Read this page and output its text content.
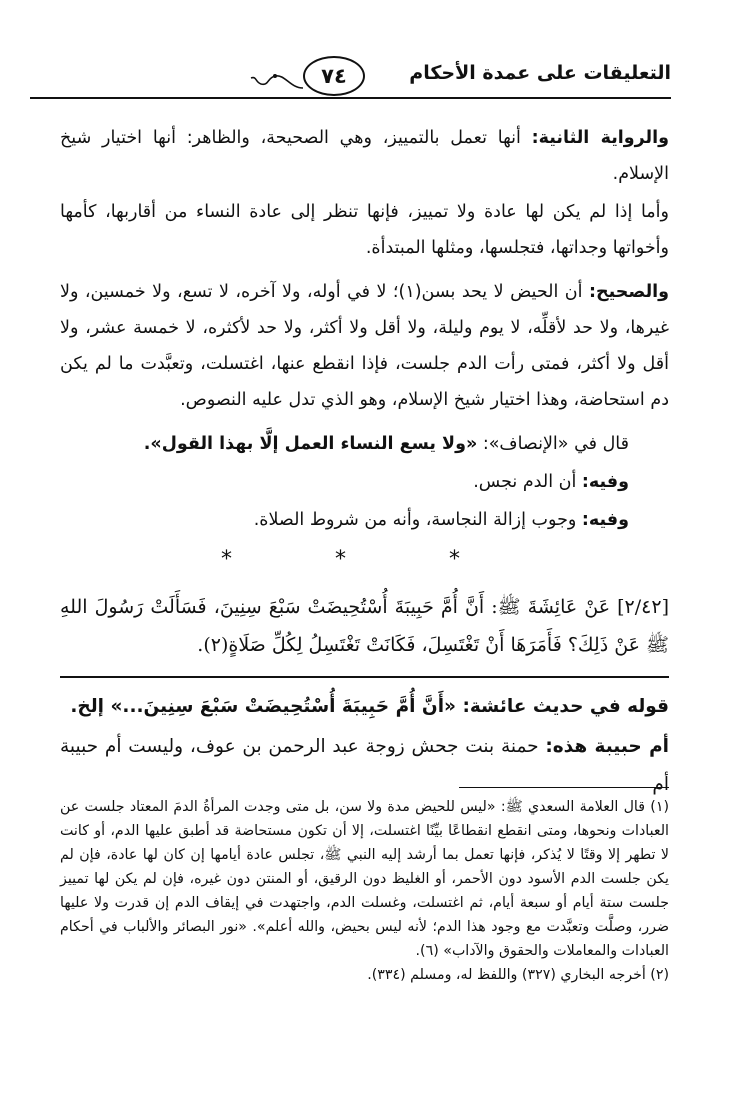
التعليقات على عمدة الأحكام
٧٤

والرواية الثانية: أنها تعمل بالتمييز، وهي الصحيحة، والظاهر: أنها اختيار شيخ الإسلام.

وأما إذا لم يكن لها عادة ولا تمييز، فإنها تنظر إلى عادة النساء من أقاربها، كأمها وأخواتها وجداتها، فتجلسها، ومثلها المبتدأة.

والصحيح: أن الحيض لا يحد بسن(١)؛ لا في أوله، ولا آخره، لا تسع، ولا خمسين، ولا غيرها، ولا حد لأقلِّه، لا يوم وليلة، ولا أقل ولا أكثر، ولا حد لأكثره، لا خمسة عشر، ولا أقل ولا أكثر، فمتى رأت الدم جلست، فإذا انقطع عنها، اغتسلت، وتعبَّدت ما لم يكن دم استحاضة، وهذا اختيار شيخ الإسلام، وهو الذي تدل عليه النصوص.

قال في «الإنصاف»: «ولا يسع النساء العمل إلَّا بهذا القول».

وفيه: أن الدم نجس.

وفيه: وجوب إزالة النجاسة، وأنه من شروط الصلاة.

* * *

[٢/٤٢] عَنْ عَائِشَةَ ﷺ: أَنَّ أُمَّ حَبِيبَةَ أُسْتُحِيضَتْ سَبْعَ سِنِينَ، فَسَأَلَتْ رَسُولَ اللهِ ﷺ عَنْ ذَلِكَ؟ فَأَمَرَهَا أَنْ تَغْتَسِلَ، فَكَانَتْ تَغْتَسِلُ لِكُلِّ صَلَاةٍ(٢).

قوله في حديث عائشة: «أَنَّ أُمَّ حَبِيبَةَ أُسْتُحِيضَتْ سَبْعَ سِنِينَ...» إلخ.

أم حبيبة هذه: حمنة بنت جحش زوجة عبد الرحمن بن عوف، وليست أم حبيبة أم

(١) قال العلامة السعدي ﷺ: «ليس للحيض مدة ولا سن، بل متى وجدت المرأةُ الدمَ المعتاد جلست عن العبادات ونحوها، ومتى انقطع انقطاعًا بيِّنًا اغتسلت، إلا أن تكون مستحاضة قد أطبق عليها الدم، أو كانت لا تطهر إلا وقتًا لا يُذكر، فإنها تعمل بما أرشد إليه النبي ﷺ، تجلس عادة أيامها إن كان لها عادة، فإن لم يكن جلست الدم الأسود دون الأحمر، أو الغليظ دون الرقيق، أو المنتن دون غيره، فإن لم يكن لها تمييز جلست ستة أيام أو سبعة أيام، ثم اغتسلت، وغسلت الدم، واجتهدت في إيقاف الدم إن قدرت ولا عليها ضرر، وصلَّت وتعبَّدت مع وجود هذا الدم؛ لأنه ليس بحيض، والله أعلم». «نور البصائر والألباب في أحكام العبادات والمعاملات والحقوق والآداب» (٦).

(٢) أخرجه البخاري (٣٢٧) واللفظ له، ومسلم (٣٣٤).
